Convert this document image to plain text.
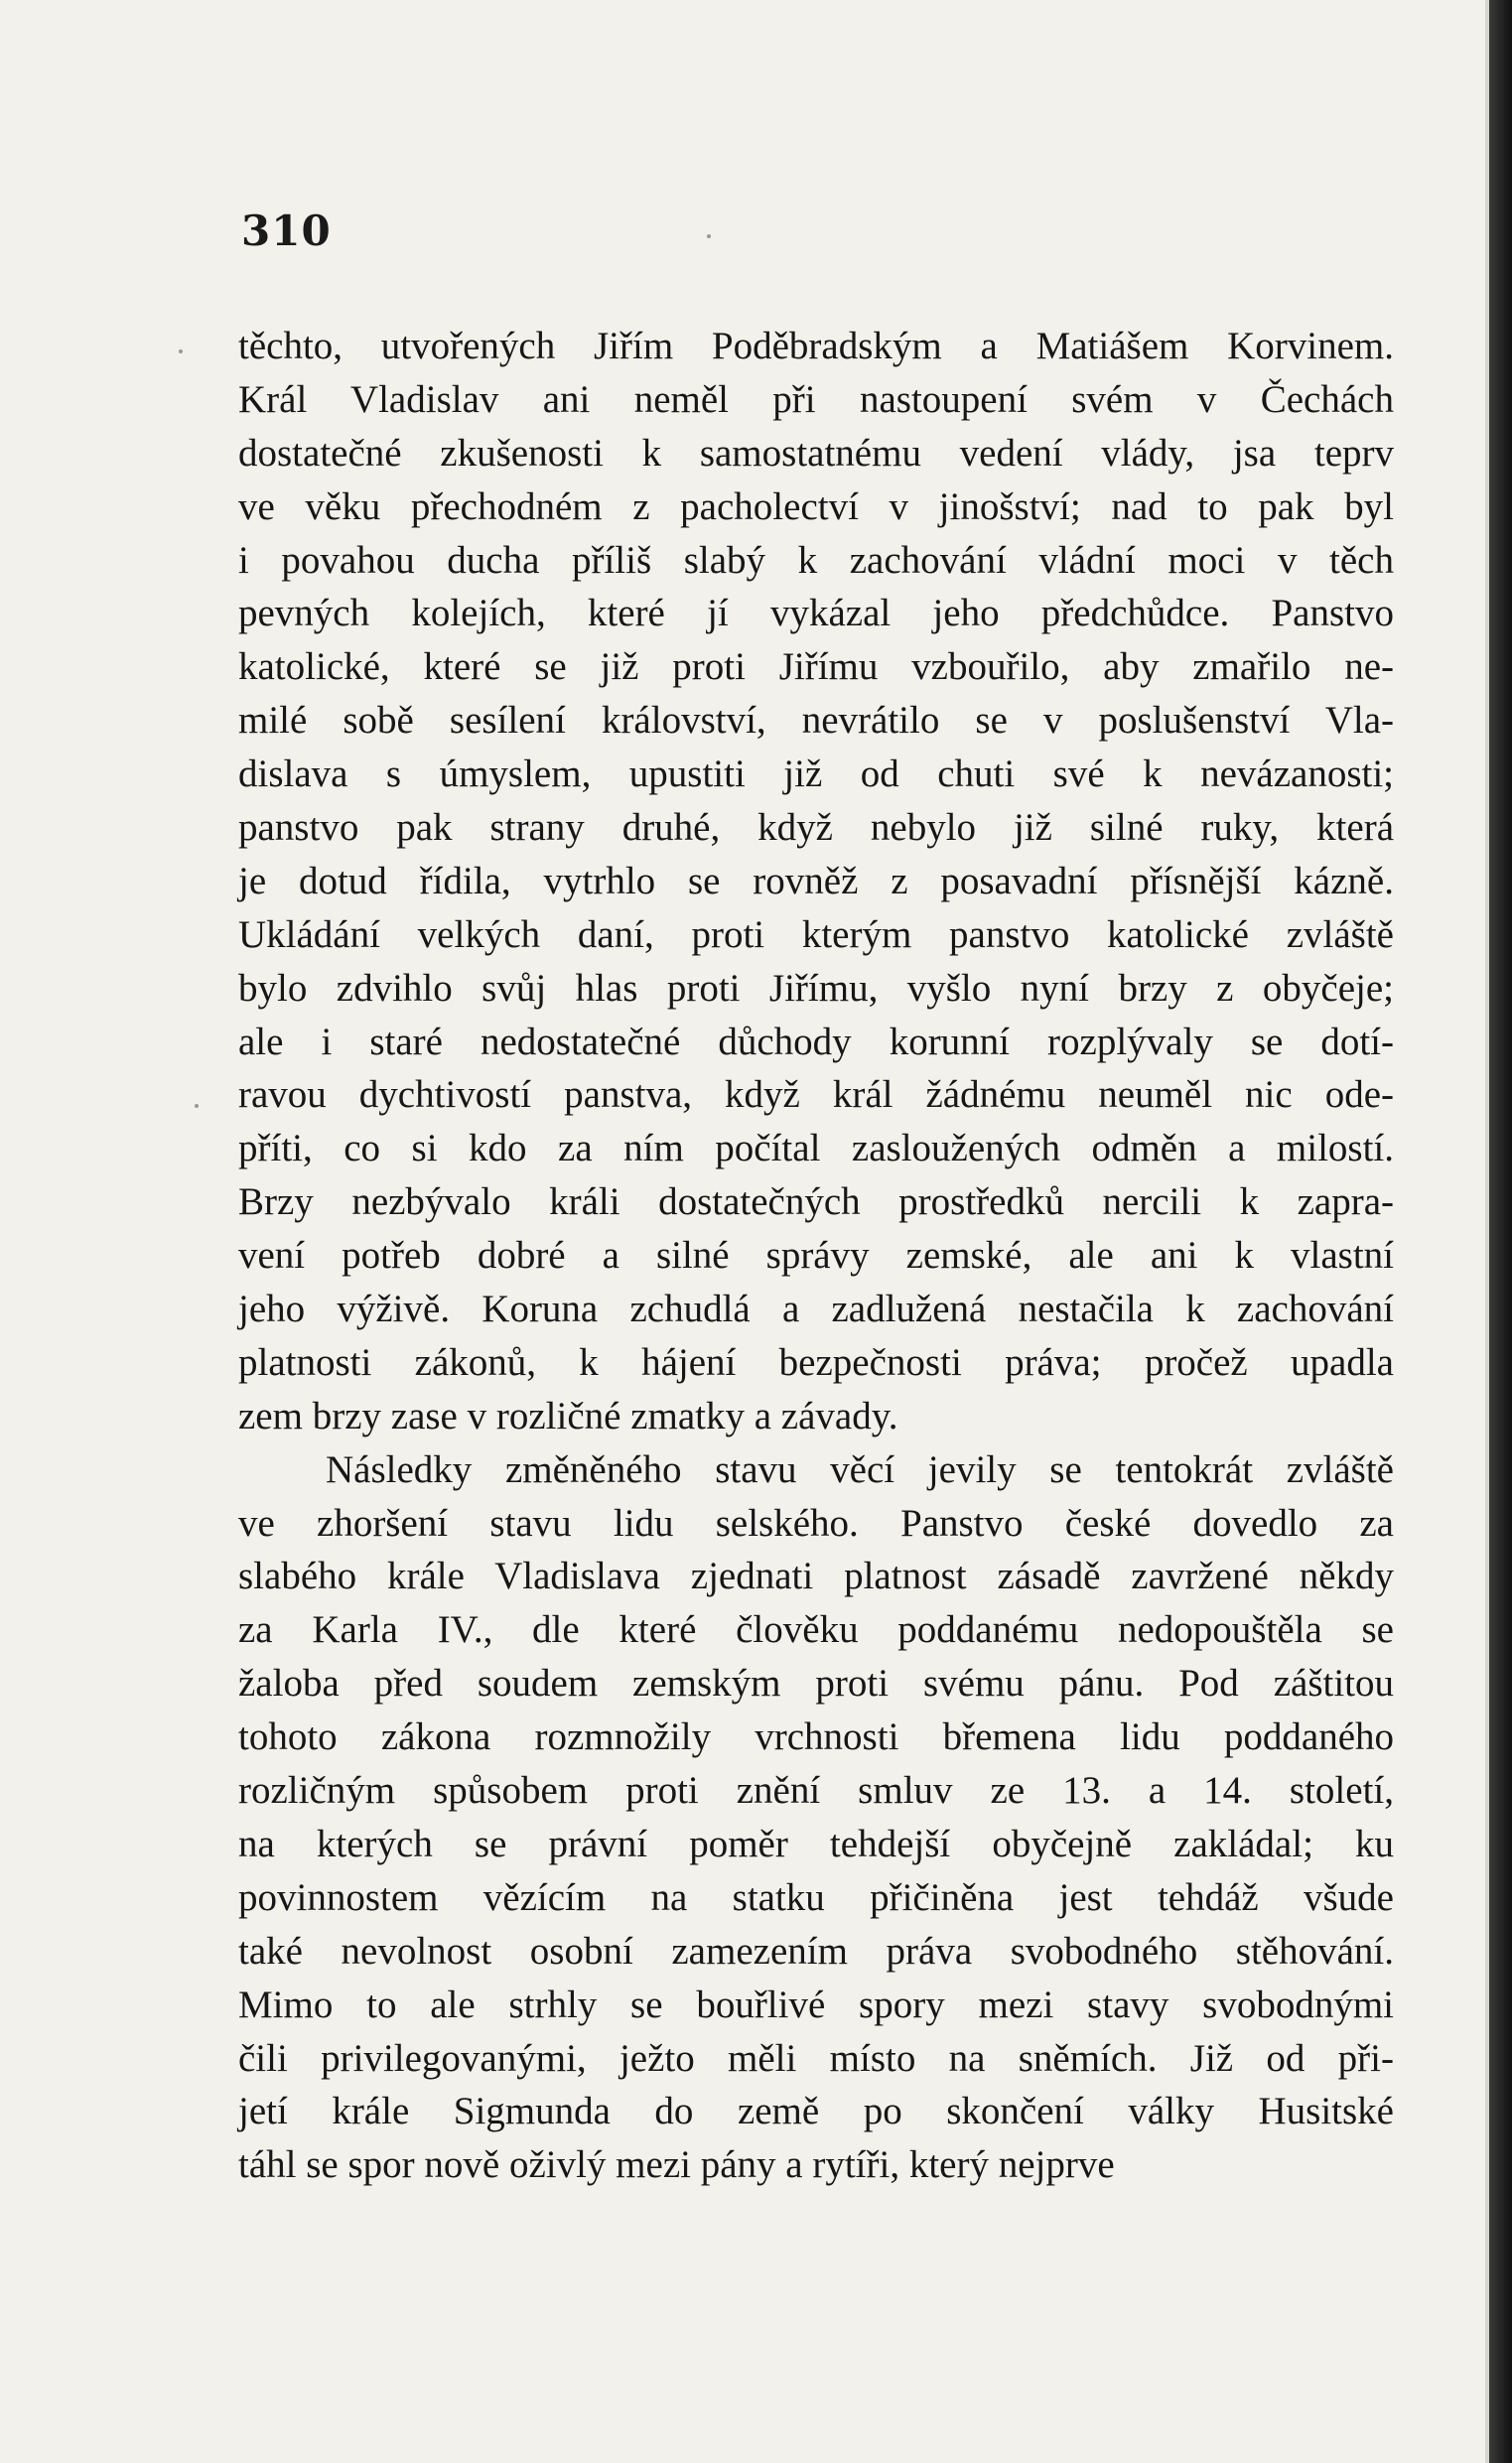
310
těchto, utvořených Jiřím Poděbradským a Matiášem Korvinem.
Král Vladislav ani neměl při nastoupení svém v Čechách
dostatečné zkušenosti k samostatnému vedení vlády, jsa teprv
ve věku přechodném z pacholectví v jinošství; nad to pak byl
i povahou ducha příliš slabý k zachování vládní moci v těch
pevných kolejích, které jí vykázal jeho předchůdce. Panstvo
katolické, které se již proti Jiřímu vzbouřilo, aby zmařilo ne-
milé sobě sesílení království, nevrátilo se v poslušenství Vla-
dislava s úmyslem, upustiti již od chuti své k nevázanosti;
panstvo pak strany druhé, když nebylo již silné ruky, která
je dotud řídila, vytrhlo se rovněž z posavadní přísnější kázně.
Ukládání velkých daní, proti kterým panstvo katolické zvláště
bylo zdvihlo svůj hlas proti Jiřímu, vyšlo nyní brzy z obyčeje;
ale i staré nedostatečné důchody korunní rozplývaly se dotí-
ravou dychtivostí panstva, když král žádnému neuměl nic ode-
příti, co si kdo za ním počítal zasloužených odměn a milostí.
Brzy nezbývalo králi dostatečných prostředků nercili k zapra-
vení potřeb dobré a silné správy zemské, ale ani k vlastní
jeho výživě. Koruna zchudlá a zadlužená nestačila k zachování
platnosti zákonů, k hájení bezpečnosti práva; pročež upadla
zem brzy zase v rozličné zmatky a závady.
Následky změněného stavu věcí jevily se tentokrát zvláště
ve zhoršení stavu lidu selského. Panstvo české dovedlo za
slabého krále Vladislava zjednati platnost zásadě zavržené někdy
za Karla IV., dle které člověku poddanému nedopouštěla se
žaloba před soudem zemským proti svému pánu. Pod záštitou
tohoto zákona rozmnožily vrchnosti břemena lidu poddaného
rozličným spůsobem proti znění smluv ze 13. a 14. století,
na kterých se právní poměr tehdejší obyčejně zakládal; ku
povinnostem vězícím na statku přičiněna jest tehdáž všude
také nevolnost osobní zamezením práva svobodného stěhování.
Mimo to ale strhly se bouřlivé spory mezi stavy svobodnými
čili privilegovanými, ježto měli místo na sněmích. Již od při-
jetí krále Sigmunda do země po skončení války Husitské
táhl se spor nově oživlý mezi pány a rytíři, který nejprve
